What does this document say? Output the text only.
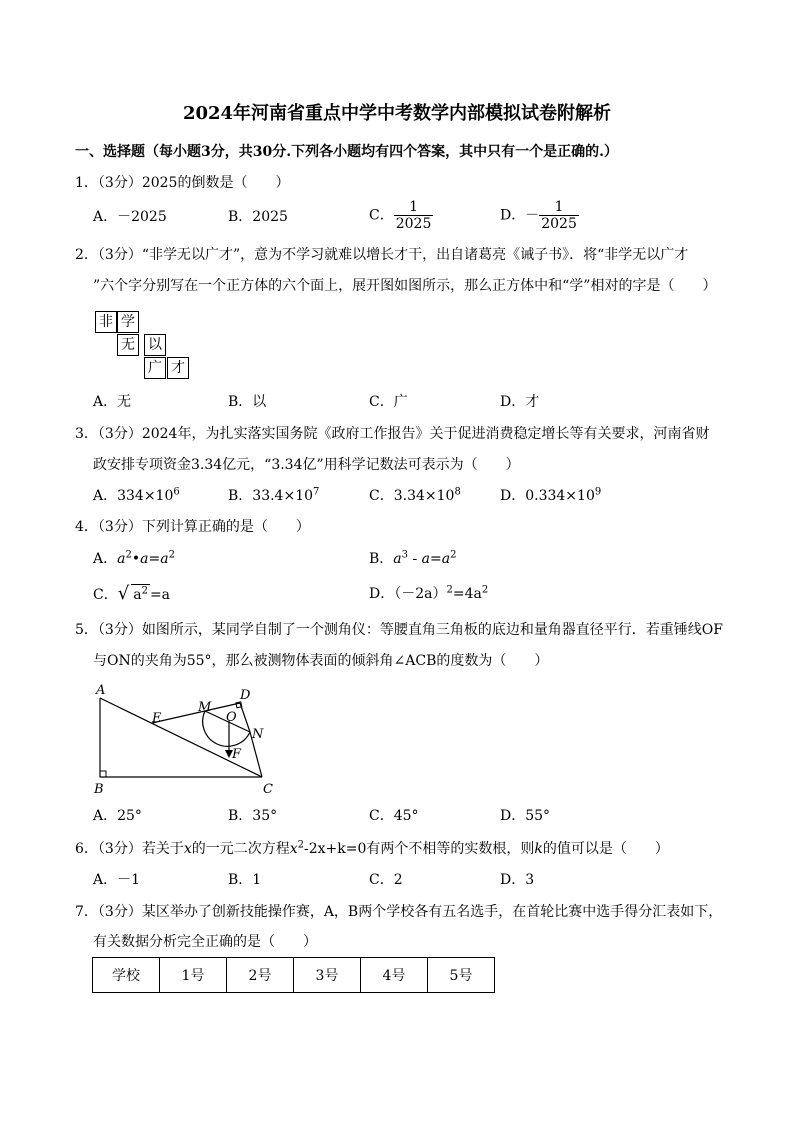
2024年河南省重点中学中考数学内部模拟试卷附解析
一、选择题（每小题3分，共30分.下列各小题均有四个答案，其中只有一个是正确的.）
1．（3分）2025的倒数是（　　）
A．－2025	B．2025	C． $\frac{1}{2025}$	D．－ $\frac{1}{2025}$
2．（3分）“非学无以广才”，意为不学习就难以增长才干，出自诸葛亮《诫子书》．将“非学无以广才
”六个字分别写在一个正方体的六个面上，展开图如图所示，那么正方体中和“学”相对的字是（　　）
非 学
无 以
广 才
A．无	B．以	C．广	D．才
3．（3分）2024年，为扎实落实国务院《政府工作报告》关于促进消费稳定增长等有关要求，河南省财
政安排专项资金3.34亿元，“3.34亿”用科学记数法可表示为（　　）
A．$334\times 10^6$	B．$33.4\times 10^7$	C．$3.34\times 10^8$	D．$0.334\times 10^9$
4．（3分）下列计算正确的是（　　）
A．$a^2•a=a^2$	B．$a^3 - a=a^2$
C．√ $a^2 =a$	D．$(-2a)^2=4a^2$
5．（3分）如图所示，某同学自制了一个测角仪：等腰直角三角板的底边和量角器直径平行．若重锤线OF
与ON的夹角为55°，那么被测物体表面的倾斜角∠ACB的度数为（　　）
A
B	C
D
E
M
O
N
F
A．25°	B．35°	C．45°	D．55°
6．（3分）若关于x的一元二次方程$x^2-2x+k=0$有两个不相等的实数根，则k的值可以是（　　）
A．－1	B．1	C．2	D．3
7．（3分）某区举办了创新技能操作赛，A，B两个学校各有五名选手，在首轮比赛中选手得分汇表如下，
有关数据分析完全正确的是（　　）
学校	1号	2号	3号	4号	5号
